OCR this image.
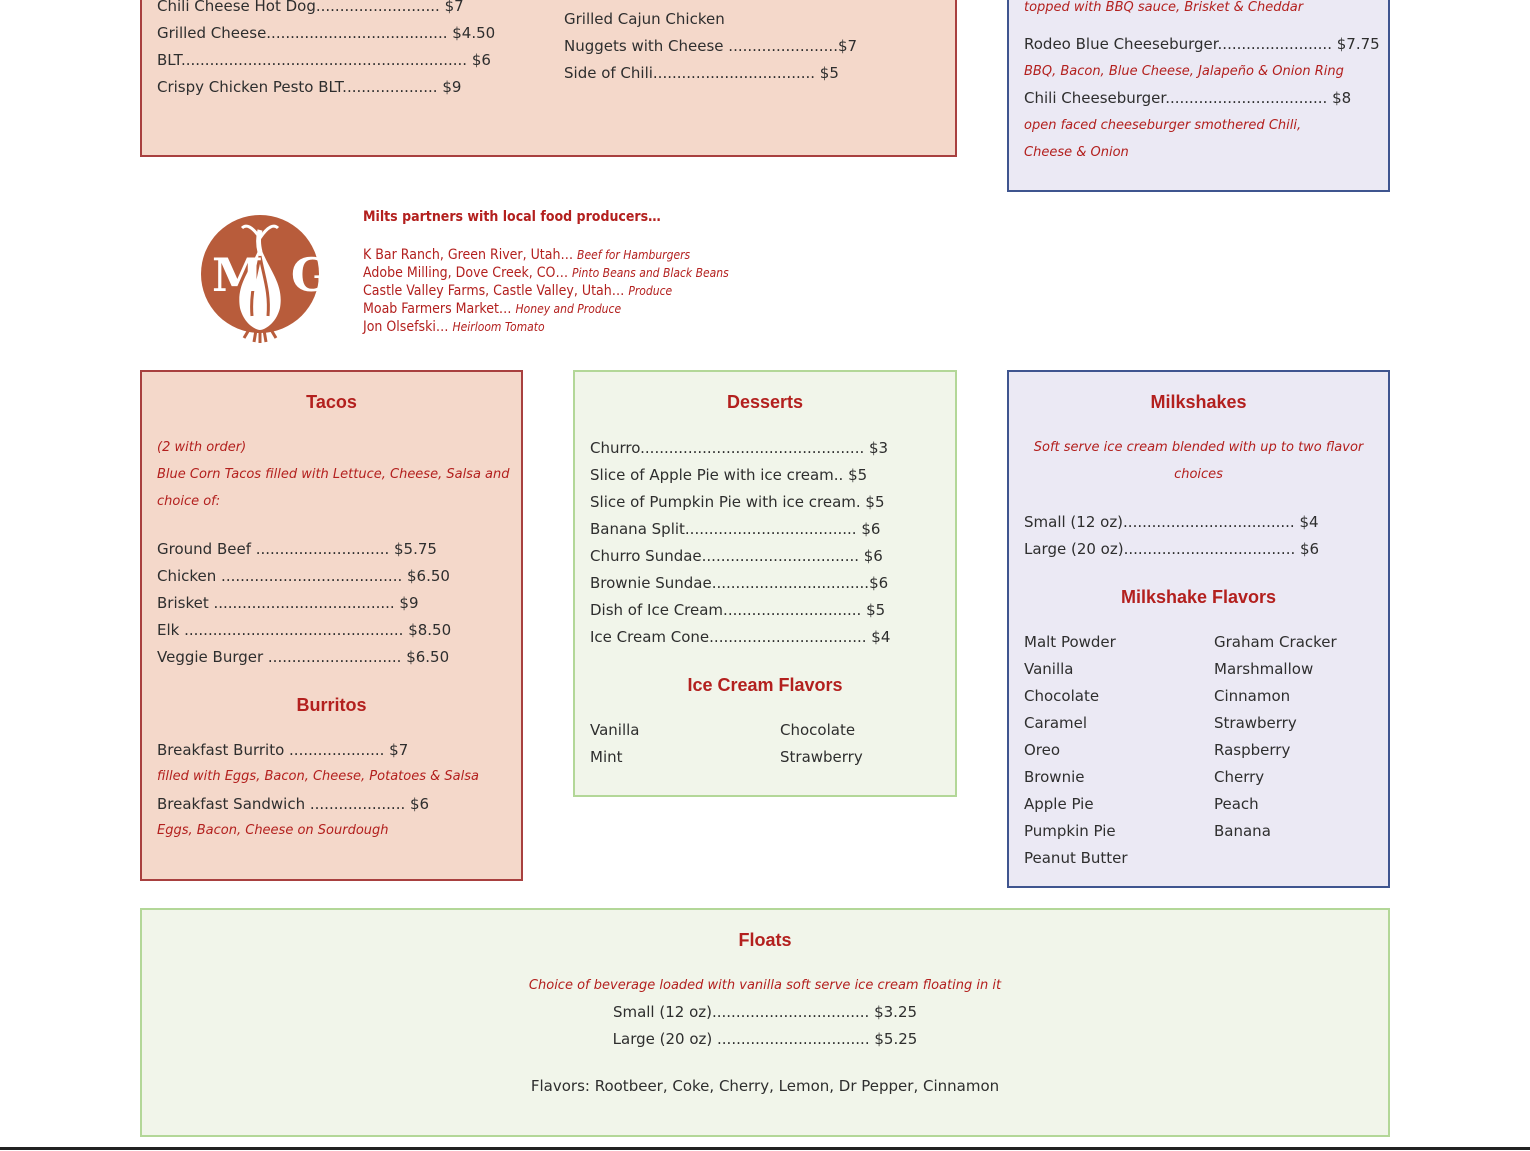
Chili Cheese Hot Dog.......................... $7
Grilled Cheese...................................... $4.50
BLT............................................................ $6
Crispy Chicken Pesto BLT.................... $9
Grilled Cajun Chicken
Nuggets with Cheese .......................$7
Side of Chili.................................. $5
topped with BBQ sauce, Brisket & Cheddar
Rodeo Blue Cheeseburger........................ $7.75
BBQ, Bacon, Blue Cheese, Jalapeño & Onion Ring
Chili Cheeseburger.................................. $8
open faced cheeseburger smothered Chili,
Cheese & Onion
MG
Milts partners with local food producers…
K Bar Ranch, Green River, Utah… Beef for Hamburgers
Adobe Milling, Dove Creek, CO… Pinto Beans and Black Beans
Castle Valley Farms, Castle Valley, Utah… Produce
Moab Farmers Market… Honey and Produce
Jon Olsefski… Heirloom Tomato
Tacos
(2 with order)
Blue Corn Tacos filled with Lettuce, Cheese, Salsa and
choice of:
Ground Beef ............................ $5.75
Chicken ...................................... $6.50
Brisket ...................................... $9
Elk .............................................. $8.50
Veggie Burger ............................ $6.50
Burritos
Breakfast Burrito .................... $7
filled with Eggs, Bacon, Cheese, Potatoes & Salsa
Breakfast Sandwich .................... $6
Eggs, Bacon, Cheese on Sourdough
Desserts
Churro............................................... $3
Slice of Apple Pie with ice cream.. $5
Slice of Pumpkin Pie with ice cream. $5
Banana Split.................................... $6
Churro Sundae................................. $6
Brownie Sundae.................................$6
Dish of Ice Cream............................. $5
Ice Cream Cone................................. $4
Ice Cream Flavors
Vanilla
Mint
Chocolate
Strawberry
Milkshakes
Soft serve ice cream blended with up to two flavor
choices
Small (12 oz).................................... $4
Large (20 oz).................................... $6
Milkshake Flavors
Malt Powder
Vanilla
Chocolate
Caramel
Oreo
Brownie
Apple Pie
Pumpkin Pie
Peanut Butter
Graham Cracker
Marshmallow
Cinnamon
Strawberry
Raspberry
Cherry
Peach
Banana
Floats
Choice of beverage loaded with vanilla soft serve ice cream floating in it
Small (12 oz)................................. $3.25
Large (20 oz) ................................ $5.25
Flavors: Rootbeer, Coke, Cherry, Lemon, Dr Pepper, Cinnamon
